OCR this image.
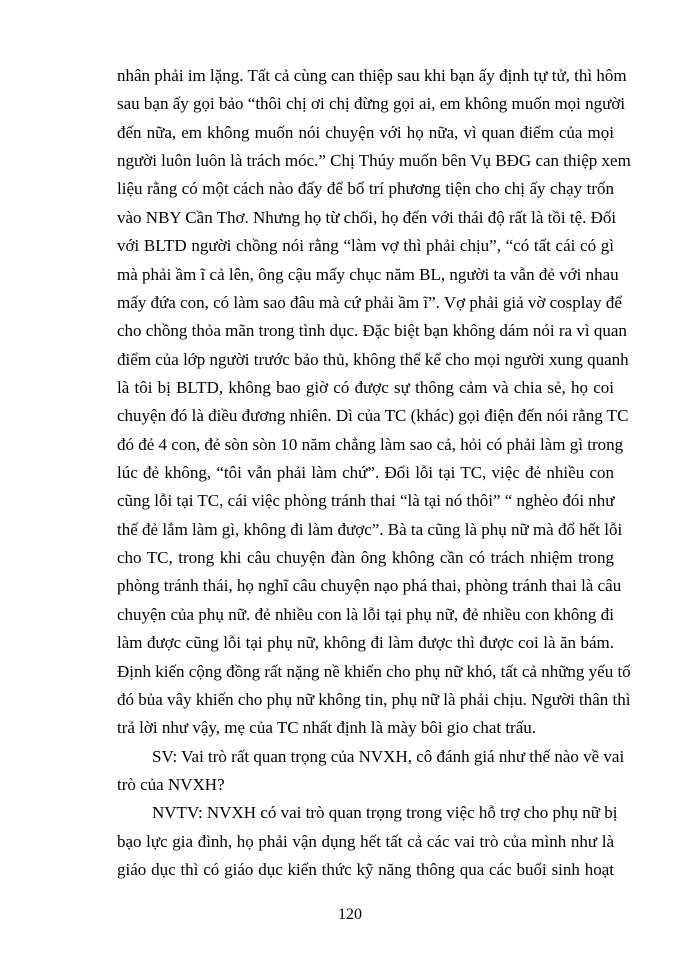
nhân phải im lặng. Tất cả cùng can thiệp sau khi bạn ấy định tự tử, thì hôm
sau bạn ấy gọi bảo “thôi chị ơi chị đừng gọi ai, em không muốn mọi người
đến nữa, em không muốn nói chuyện với họ nữa, vì quan điểm của mọi
người luôn luôn là trách móc.” Chị Thúy muốn bên Vụ BĐG can thiệp xem
liệu rằng có một cách nào đấy để bố trí phương tiện cho chị ấy chạy trốn
vào NBY Cần Thơ. Nhưng họ từ chối, họ đến với thái độ rất là tồi tệ. Đối
với BLTD người chồng nói rằng “làm vợ thì phải chịu”, “có tất cái có gì
mà phải ầm ĩ cả lên, ông cậu mấy chục năm BL, người ta vẫn đẻ với nhau
mấy đứa con, có làm sao đâu mà cứ phải ầm ĩ”. Vợ phải giả vờ cosplay để
cho chồng thỏa mãn trong tình dục. Đặc biệt bạn không dám nói ra vì quan
điểm của lớp người trước bảo thủ, không thể kể cho mọi người xung quanh
là tôi bị BLTD, không bao giờ có được sự thông cảm và chia sẻ, họ coi
chuyện đó là điều đương nhiên. Dì của TC (khác) gọi điện đến nói rằng TC
đó đẻ 4 con, đẻ sòn sòn 10 năm chẳng làm sao cả, hỏi có phải làm gì trong
lúc đẻ không, “tôi vẫn phải làm chứ”. Đổi lỗi tại TC, việc đẻ nhiều con
cũng lỗi tại TC, cái việc phòng tránh thai “là tại nó thôi” “ nghèo đói như
thế đẻ lắm làm gì, không đi làm được”. Bà ta cũng là phụ nữ mà đổ hết lỗi
cho TC, trong khi câu chuyện đàn ông không cần có trách nhiệm trong
phòng tránh thái, họ nghĩ câu chuyện nạo phá thai, phòng tránh thai là câu
chuyện của phụ nữ. đẻ nhiều con là lỗi tại phụ nữ, đẻ nhiều con không đi
làm được cũng lỗi tại phụ nữ, không đi làm được thì được coi là ăn bám.
Định kiến cộng đồng rất nặng nề khiến cho phụ nữ khó, tất cả những yếu tố
đó bủa vây khiến cho phụ nữ không tin, phụ nữ là phải chịu. Người thân thì
trả lời như vậy, mẹ của TC nhất định là mày bôi gio chat trấu.
SV: Vai trò rất quan trọng của NVXH, cô đánh giá như thế nào về vai
trò của NVXH?
NVTV: NVXH có vai trò quan trọng trong việc hỗ trợ cho phụ nữ bị
bạo lực gia đình, họ phải vận dụng hết tất cả các vai trò của mình như là
giáo dục thì có giáo dục kiến thức kỹ năng thông qua các buổi sinh hoạt
120
